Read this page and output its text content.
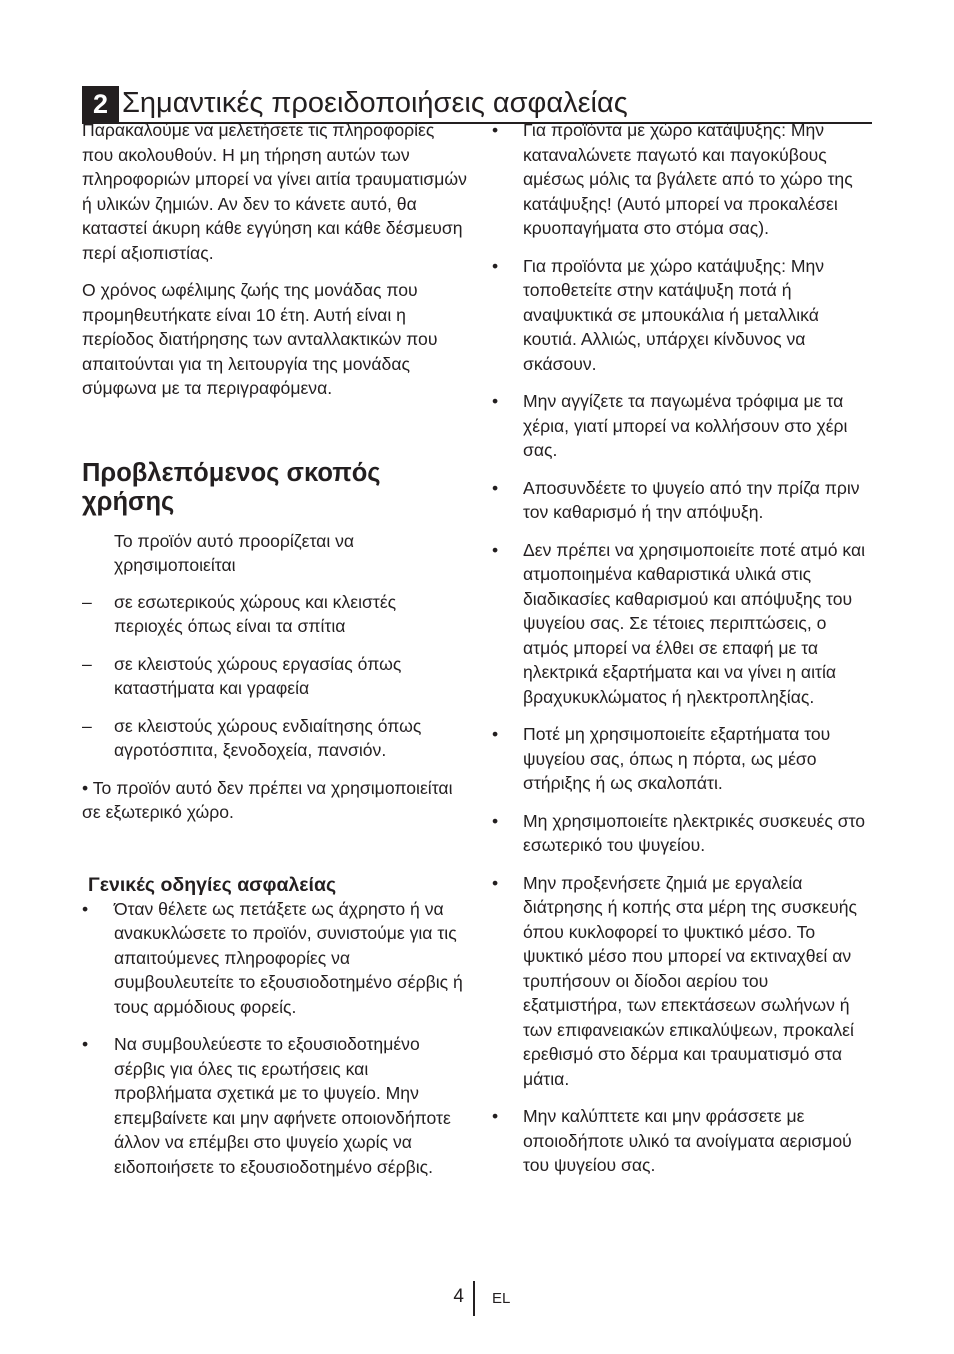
2 Σημαντικές προειδοποιήσεις ασφαλείας

Παρακαλούμε να μελετήσετε τις πληροφορίες που ακολουθούν. Η μη τήρηση αυτών των πληροφοριών μπορεί να γίνει αιτία τραυματισμών ή υλικών ζημιών. Αν δεν το κάνετε αυτό, θα καταστεί άκυρη κάθε εγγύηση και κάθε δέσμευση περί αξιοπιστίας.

Ο χρόνος ωφέλιμης ζωής της μονάδας που προμηθευτήκατε είναι 10 έτη. Αυτή είναι η περίοδος διατήρησης των ανταλλακτικών που απαιτούνται για τη λειτουργία της μονάδας σύμφωνα με τα περιγραφόμενα.

Προβλεπόμενος σκοπός χρήσης

Το προϊόν αυτό προορίζεται να χρησιμοποιείται

–	σε εσωτερικούς χώρους και κλειστές περιοχές όπως είναι τα σπίτια
–	σε κλειστούς χώρους εργασίας όπως καταστήματα και γραφεία
–	σε κλειστούς χώρους ενδιαίτησης όπως αγροτόσπιτα, ξενοδοχεία, πανσιόν.

• Το προϊόν αυτό δεν πρέπει να χρησιμοποιείται σε εξωτερικό χώρο.

Γενικές οδηγίες ασφαλείας
•	Όταν θέλετε ως πετάξετε ως άχρηστο ή να ανακυκλώσετε το προϊόν, συνιστούμε για τις απαιτούμενες πληροφορίες να συμβουλευτείτε το εξουσιοδοτημένο σέρβις ή τους αρμόδιους φορείς.
•	Να συμβουλεύεστε το εξουσιοδοτημένο σέρβις για όλες τις ερωτήσεις και προβλήματα σχετικά με το ψυγείο. Μην επεμβαίνετε και μην αφήνετε οποιονδήποτε άλλον να επέμβει στο ψυγείο χωρίς να ειδοποιήσετε το εξουσιοδοτημένο σέρβις.
•	Για προϊόντα με χώρο κατάψυξης: Μην καταναλώνετε παγωτό και παγοκύβους αμέσως μόλις τα βγάλετε από το χώρο της κατάψυξης! (Αυτό μπορεί να προκαλέσει κρυοπαγήματα στο στόμα σας).
•	Για προϊόντα με χώρο κατάψυξης: Μην τοποθετείτε στην κατάψυξη ποτά ή αναψυκτικά σε μπουκάλια ή μεταλλικά κουτιά. Αλλιώς, υπάρχει κίνδυνος να σκάσουν.
•	Μην αγγίζετε τα παγωμένα τρόφιμα με τα χέρια, γιατί μπορεί να κολλήσουν στο χέρι σας.
•	Αποσυνδέετε το ψυγείο από την πρίζα πριν τον καθαρισμό ή την απόψυξη.
•	Δεν πρέπει να χρησιμοποιείτε ποτέ ατμό και ατμοποιημένα καθαριστικά υλικά στις διαδικασίες καθαρισμού και απόψυξης του ψυγείου σας. Σε τέτοιες περιπτώσεις, ο ατμός μπορεί να έλθει σε επαφή με τα ηλεκτρικά εξαρτήματα και να γίνει η αιτία βραχυκυκλώματος ή ηλεκτροπληξίας.
•	Ποτέ μη χρησιμοποιείτε εξαρτήματα του ψυγείου σας, όπως η πόρτα, ως μέσο στήριξης ή ως σκαλοπάτι.
•	Μη χρησιμοποιείτε ηλεκτρικές συσκευές στο εσωτερικό του ψυγείου.
•	Μην προξενήσετε ζημιά με εργαλεία διάτρησης ή κοπής στα μέρη της συσκευής όπου κυκλοφορεί το ψυκτικό μέσο. Το ψυκτικό μέσο που μπορεί να εκτιναχθεί αν τρυπήσουν οι δίοδοι αερίου του εξατμιστήρα, των επεκτάσεων σωλήνων ή των επιφανειακών επικαλύψεων, προκαλεί ερεθισμό στο δέρμα και τραυματισμό στα μάτια.
•	Μην καλύπτετε και μην φράσσετε με οποιοδήποτε υλικό τα ανοίγματα αερισμού του ψυγείου σας.
4 EL
